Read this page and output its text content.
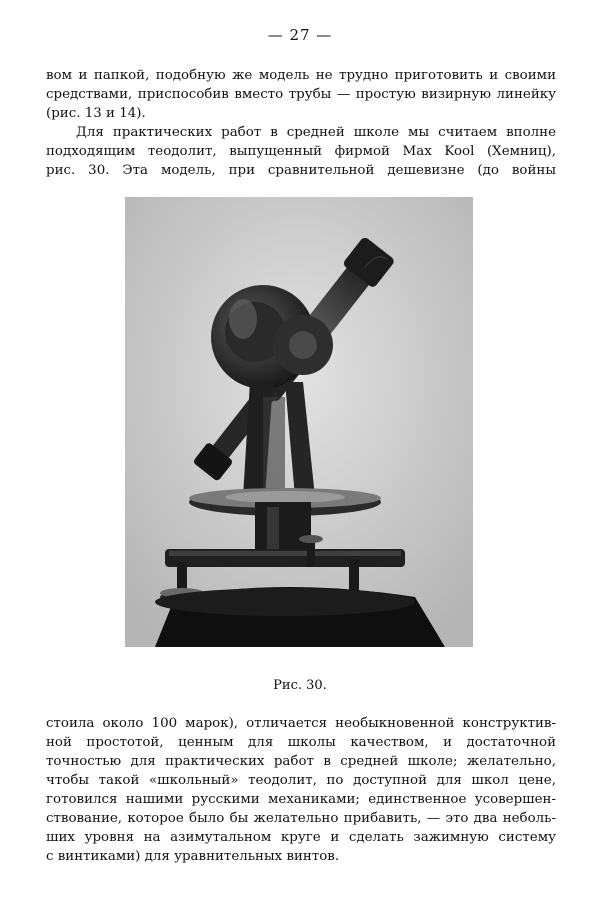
— 27 —

вом и папкой, подобную же модель не трудно приготовить и своими
средствами, приспособив вместо трубы — простую визирную линейку
(рис. 13 и 14).
Для практических работ в средней школе мы считаем вполне
подходящим теодолит, выпущенный фирмой Max Kool (Хемниц),
рис. 30. Эта модель, при сравнительной дешевизне (до войны

Рис. 30.

стоила около 100 марок), отличается необыкновенной конструктив-
ной простотой, ценным для школы качеством, и достаточной
точностью для практических работ в средней школе; желательно,
чтобы такой «школьный» теодолит, по доступной для школ цене,
готовился нашими русскими механиками; единственное усовершен-
ствование, которое было бы желательно прибавить, — это два неболь-
ших уровня на азимутальном круге и сделать зажимную систему
с винтиками) для уравнительных винтов.
